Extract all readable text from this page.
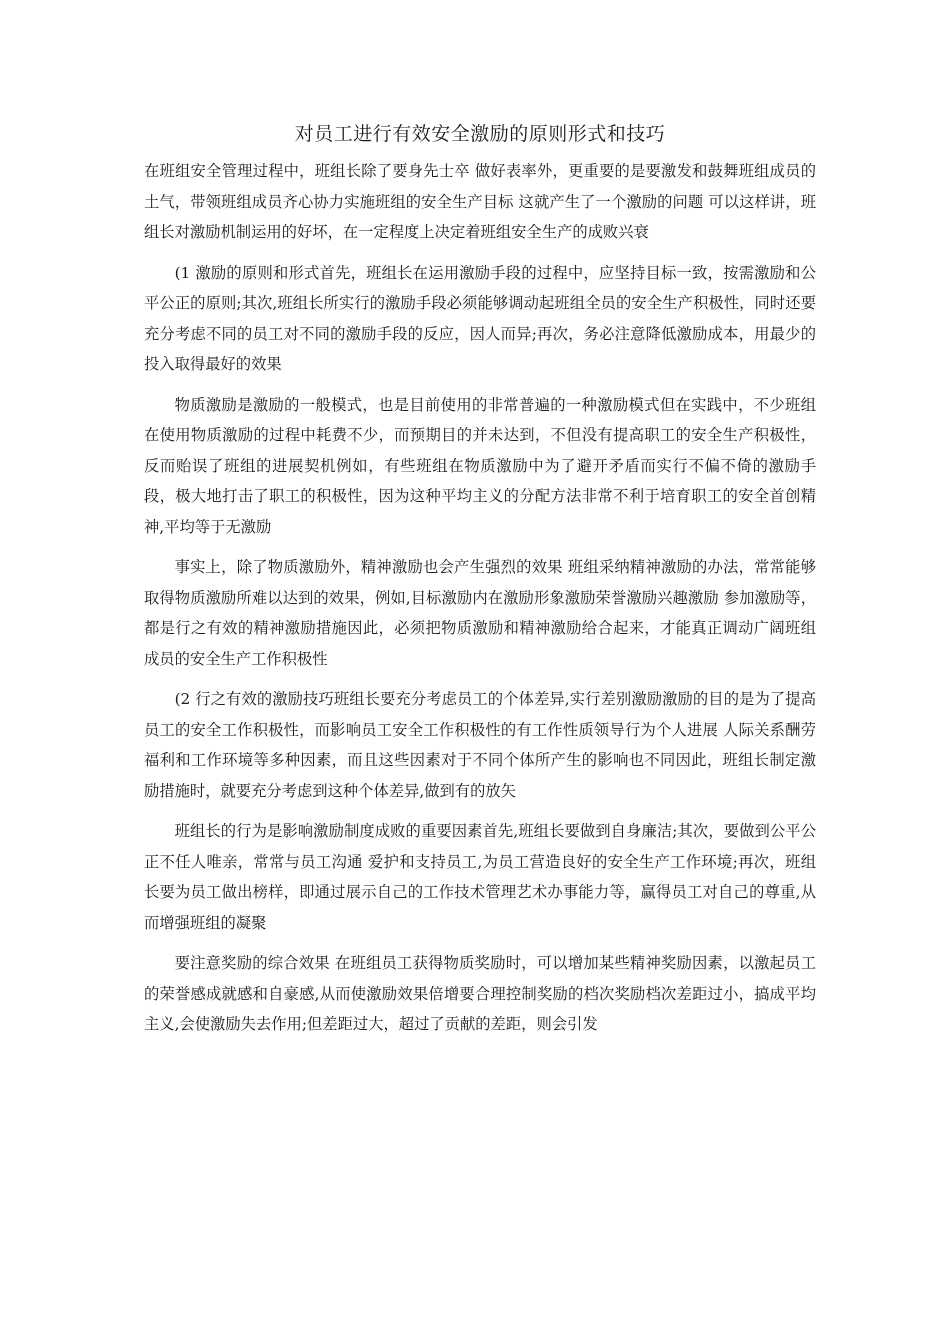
对员工进行有效安全激励的原则形式和技巧

在班组安全管理过程中，班组长除了要身先士卒 做好表率外，更重要的是要激发和鼓舞班组成员的土气，带领班组成员齐心协力实施班组的安全生产目标 这就产生了一个激励的问题 可以这样讲，班组长对激励机制运用的好坏，在一定程度上决定着班组安全生产的成败兴衰

(1 激励的原则和形式首先，班组长在运用激励手段的过程中，应坚持目标一致，按需激励和公平公正的原则;其次,班组长所实行的激励手段必须能够调动起班组全员的安全生产积极性，同时还要充分考虑不同的员工对不同的激励手段的反应，因人而异;再次，务必注意降低激励成本，用最少的投入取得最好的效果

物质激励是激励的一般模式，也是目前使用的非常普遍的一种激励模式但在实践中，不少班组在使用物质激励的过程中耗费不少，而预期目的并未达到，不但没有提高职工的安全生产积极性，反而贻误了班组的进展契机例如，有些班组在物质激励中为了避开矛盾而实行不偏不倚的激励手段，极大地打击了职工的积极性，因为这种平均主义的分配方法非常不利于培育职工的安全首创精神,平均等于无激励

事实上，除了物质激励外，精神激励也会产生强烈的效果 班组采纳精神激励的办法，常常能够取得物质激励所难以达到的效果，例如,目标激励内在激励形象激励荣誉激励兴趣激励 参加激励等，都是行之有效的精神激励措施因此，必须把物质激励和精神激励给合起来，才能真正调动广阔班组成员的安全生产工作积极性

(2 行之有效的激励技巧班组长要充分考虑员工的个体差异,实行差别激励激励的目的是为了提高员工的安全工作积极性，而影响员工安全工作积极性的有工作性质领导行为个人进展 人际关系酬劳福利和工作环境等多种因素，而且这些因素对于不同个体所产生的影响也不同因此，班组长制定激励措施时，就要充分考虑到这种个体差异,做到有的放矢

班组长的行为是影响激励制度成败的重要因素首先,班组长要做到自身廉洁;其次，要做到公平公正不任人唯亲，常常与员工沟通 爱护和支持员工,为员工营造良好的安全生产工作环境;再次，班组长要为员工做出榜样，即通过展示自己的工作技术管理艺术办事能力等，赢得员工对自己的尊重,从而增强班组的凝聚

要注意奖励的综合效果 在班组员工获得物质奖励时，可以增加某些精神奖励因素，以激起员工的荣誉感成就感和自豪感,从而使激励效果倍增要合理控制奖励的档次奖励档次差距过小，搞成平均主义,会使激励失去作用;但差距过大，超过了贡献的差距，则会引发
